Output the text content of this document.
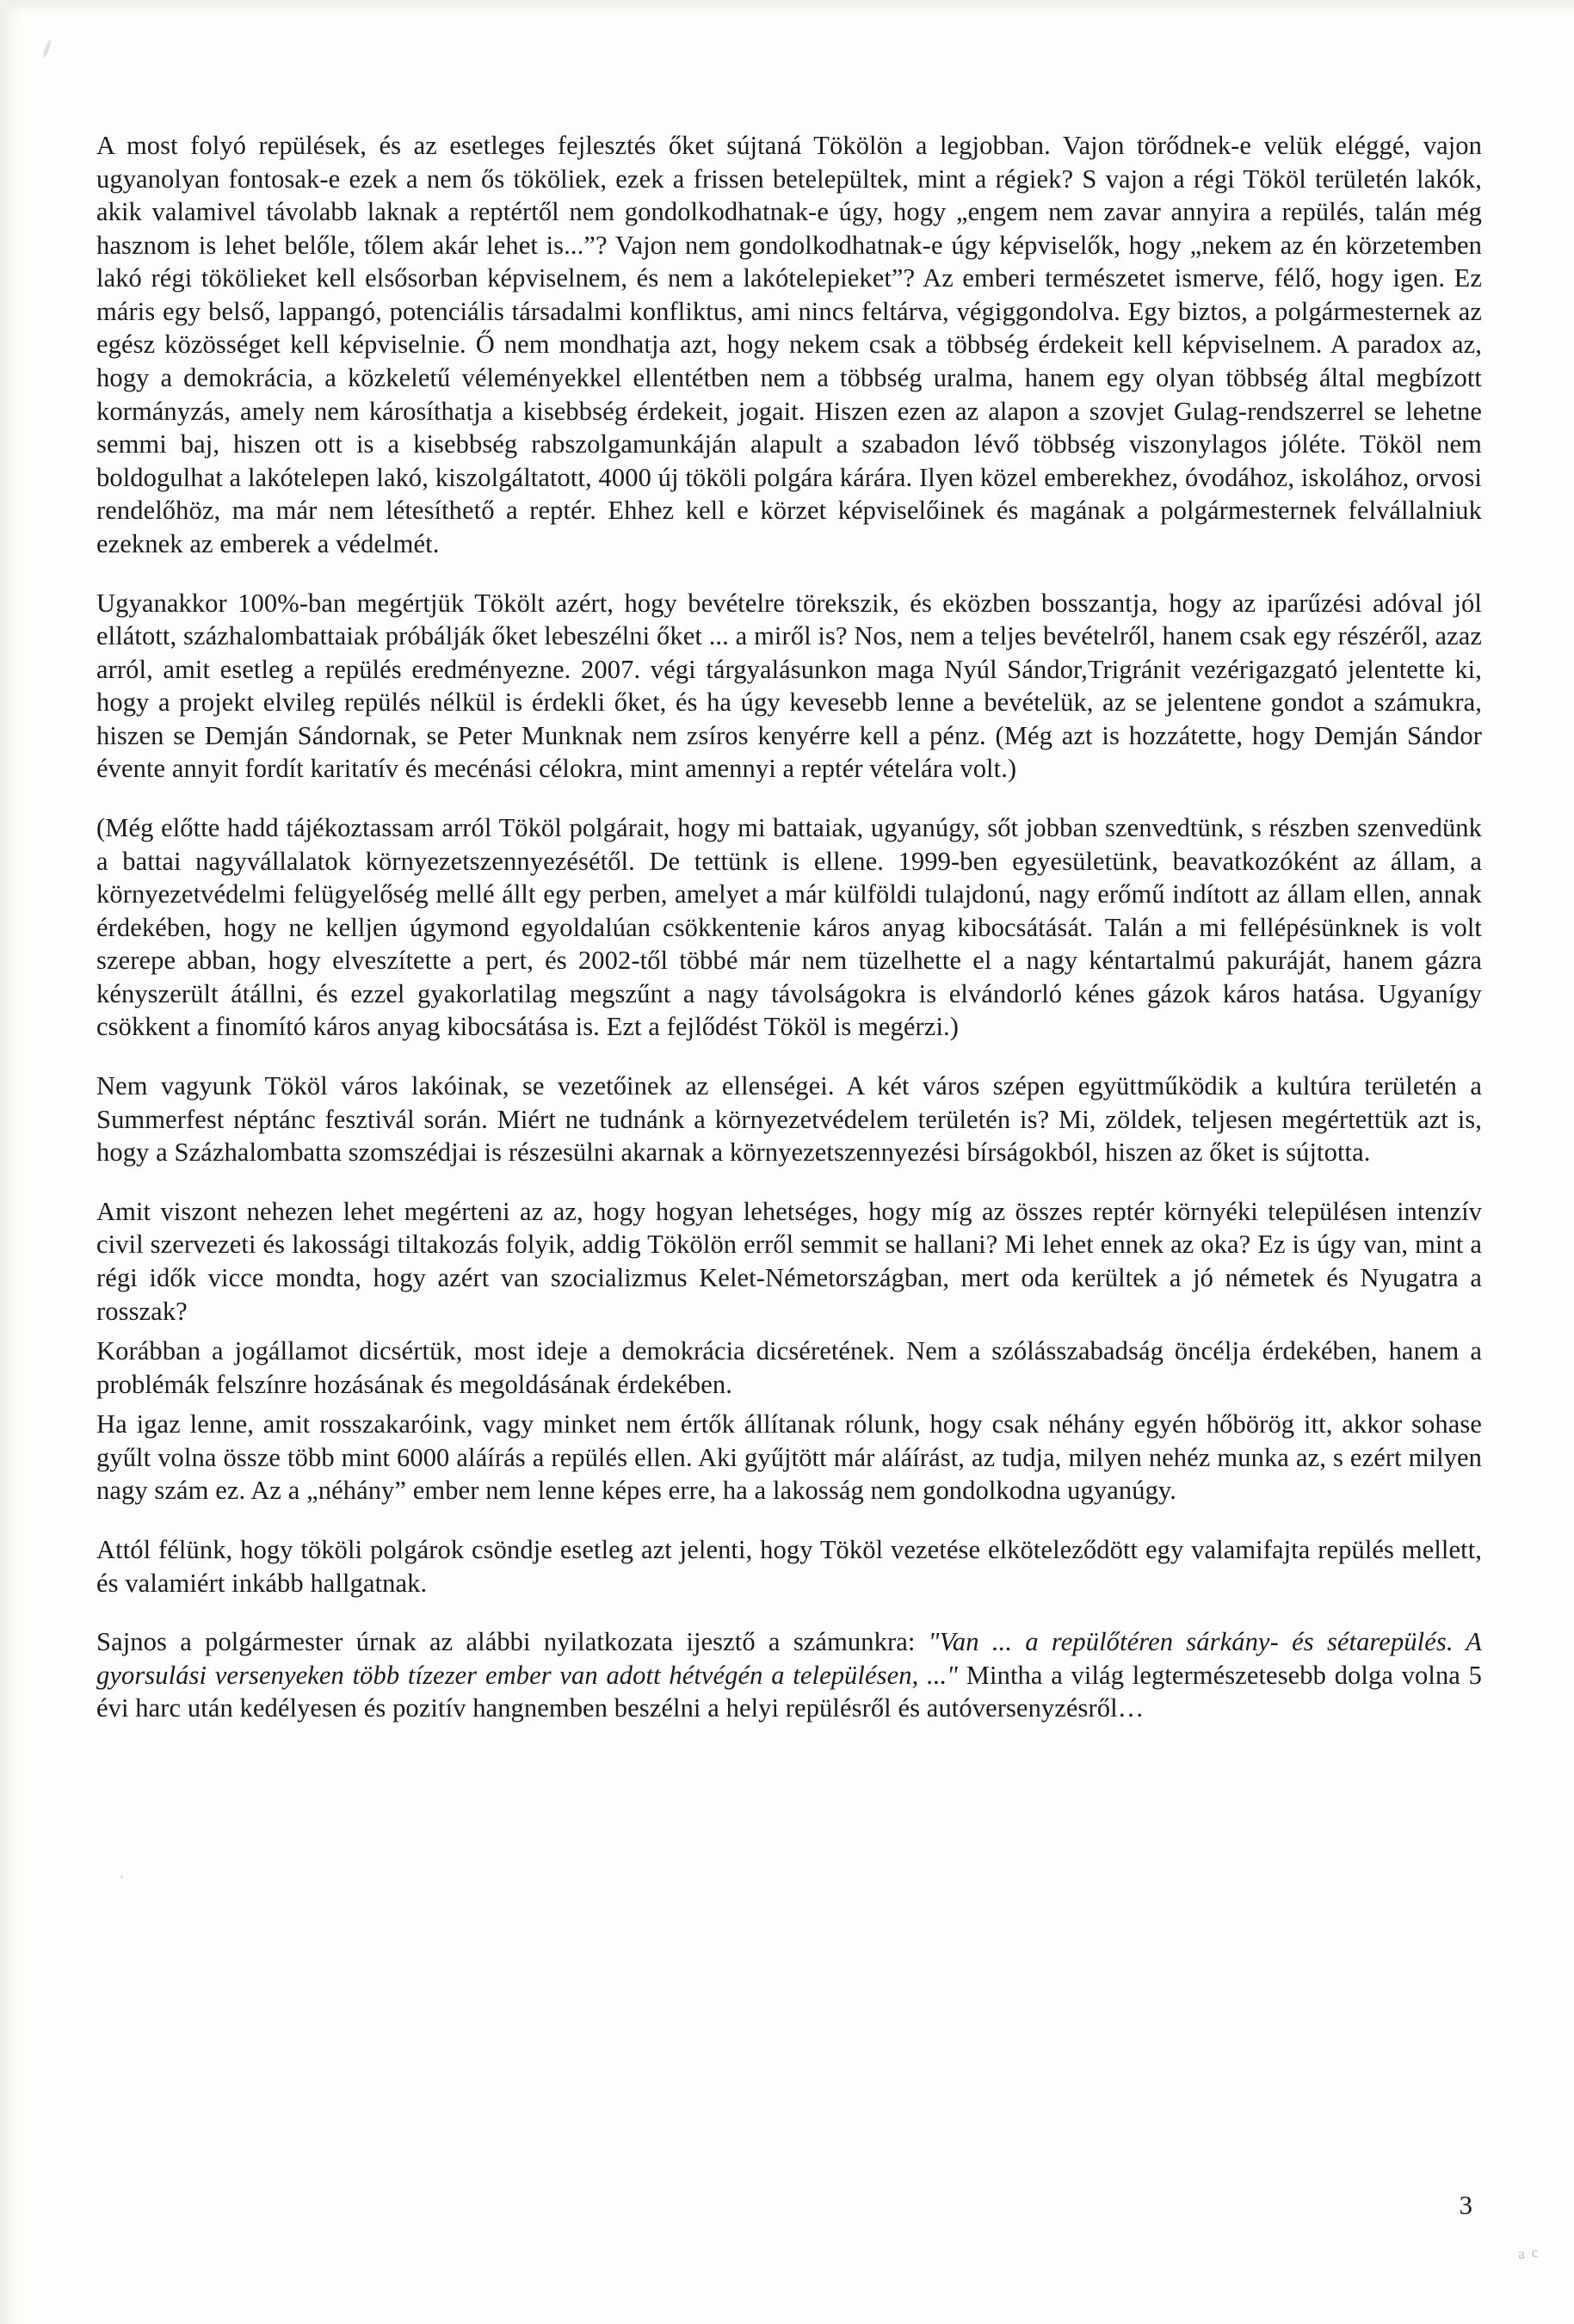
A most folyó repülések, és az esetleges fejlesztés őket sújtaná Tökölön a legjobban. Vajon törődnek-e velük eléggé, vajon ugyanolyan fontosak-e ezek a nem ős tököliek, ezek a frissen betelepültek, mint a régiek? S vajon a régi Tököl területén lakók, akik valamivel távolabb laknak a reptértől nem gondolkodhatnak-e úgy, hogy „engem nem zavar annyira a repülés, talán még hasznom is lehet belőle, tőlem akár lehet is...”? Vajon nem gondolkodhatnak-e úgy képviselők, hogy „nekem az én körzetemben lakó régi tökölieket kell elsősorban képviselnem, és nem a lakótelepieket”? Az emberi természetet ismerve, félő, hogy igen. Ez máris egy belső, lappangó, potenciális társadalmi konfliktus, ami nincs feltárva, végiggondolva. Egy biztos, a polgármesternek az egész közösséget kell képviselnie. Ő nem mondhatja azt, hogy nekem csak a többség érdekeit kell képviselnem. A paradox az, hogy a demokrácia, a közkeletű véleményekkel ellentétben nem a többség uralma, hanem egy olyan többség által megbízott kormányzás, amely nem károsíthatja a kisebbség érdekeit, jogait. Hiszen ezen az alapon a szovjet Gulag-rendszerrel se lehetne semmi baj, hiszen ott is a kisebbség rabszolgamunkáján alapult a szabadon lévő többség viszonylagos jóléte. Tököl nem boldogulhat a lakótelepen lakó, kiszolgáltatott, 4000 új tököli polgára kárára. Ilyen közel emberekhez, óvodához, iskolához, orvosi rendelőhöz, ma már nem létesíthető a reptér. Ehhez kell e körzet képviselőinek és magának a polgármesternek felvállalniuk ezeknek az emberek a védelmét.

Ugyanakkor 100%-ban megértjük Tökölt azért, hogy bevételre törekszik, és eközben bosszantja, hogy az iparűzési adóval jól ellátott, százhalombattaiak próbálják őket lebeszélni őket ... a miről is? Nos, nem a teljes bevételről, hanem csak egy részéről, azaz arról, amit esetleg a repülés eredményezne. 2007. végi tárgyalásunkon maga Nyúl Sándor,Trigránit vezérigazgató jelentette ki, hogy a projekt elvileg repülés nélkül is érdekli őket, és ha úgy kevesebb lenne a bevételük, az se jelentene gondot a számukra, hiszen se Demján Sándornak, se Peter Munknak nem zsíros kenyérre kell a pénz. (Még azt is hozzátette, hogy Demján Sándor évente annyit fordít karitatív és mecénási célokra, mint amennyi a reptér vételára volt.)

(Még előtte hadd tájékoztassam arról Tököl polgárait, hogy mi battaiak, ugyanúgy, sőt jobban szenvedtünk, s részben szenvedünk a battai nagyvállalatok környezetszennyezésétől. De tettünk is ellene. 1999-ben egyesületünk, beavatkozóként az állam, a környezetvédelmi felügyelőség mellé állt egy perben, amelyet a már külföldi tulajdonú, nagy erőmű indított az állam ellen, annak érdekében, hogy ne kelljen úgymond egyoldalúan csökkentenie káros anyag kibocsátását. Talán a mi fellépésünknek is volt szerepe abban, hogy elveszítette a pert, és 2002-től többé már nem tüzelhette el a nagy kéntartalmú pakuráját, hanem gázra kényszerült átállni, és ezzel gyakorlatilag megszűnt a nagy távolságokra is elvándorló kénes gázok káros hatása. Ugyanígy csökkent a finomító káros anyag kibocsátása is. Ezt a fejlődést Tököl is megérzi.)

Nem vagyunk Tököl város lakóinak, se vezetőinek az ellenségei. A két város szépen együttműködik a kultúra területén a Summerfest néptánc fesztivál során. Miért ne tudnánk a környezetvédelem területén is? Mi, zöldek, teljesen megértettük azt is, hogy a Százhalombatta szomszédjai is részesülni akarnak a környezetszennyezési bírságokból, hiszen az őket is sújtotta.

Amit viszont nehezen lehet megérteni az az, hogy hogyan lehetséges, hogy míg az összes reptér környéki településen intenzív civil szervezeti és lakossági tiltakozás folyik, addig Tökölön erről semmit se hallani? Mi lehet ennek az oka? Ez is úgy van, mint a régi idők vicce mondta, hogy azért van szocializmus Kelet-Németországban, mert oda kerültek a jó németek és Nyugatra a rosszak?

Korábban a jogállamot dicsértük, most ideje a demokrácia dicséretének. Nem a szólásszabadság öncélja érdekében, hanem a problémák felszínre hozásának és megoldásának érdekében.

Ha igaz lenne, amit rosszakaróink, vagy minket nem értők állítanak rólunk, hogy csak néhány egyén hőbörög itt, akkor sohase gyűlt volna össze több mint 6000 aláírás a repülés ellen. Aki gyűjtött már aláírást, az tudja, milyen nehéz munka az, s ezért milyen nagy szám ez. Az a „néhány” ember nem lenne képes erre, ha a lakosság nem gondolkodna ugyanúgy.

Attól félünk, hogy tököli polgárok csöndje esetleg azt jelenti, hogy Tököl vezetése elköteleződött egy valamifajta repülés mellett, és valamiért inkább hallgatnak.

Sajnos a polgármester úrnak az alábbi nyilatkozata ijesztő a számunkra: "Van ... a repülőtéren sárkány- és sétarepülés. A gyorsulási versenyeken több tízezer ember van adott hétvégén a településen, ..." Mintha a világ legtermészetesebb dolga volna 5 évi harc után kedélyesen és pozitív hangnemben beszélni a helyi repülésről és autóversenyzésről…

3
a c
